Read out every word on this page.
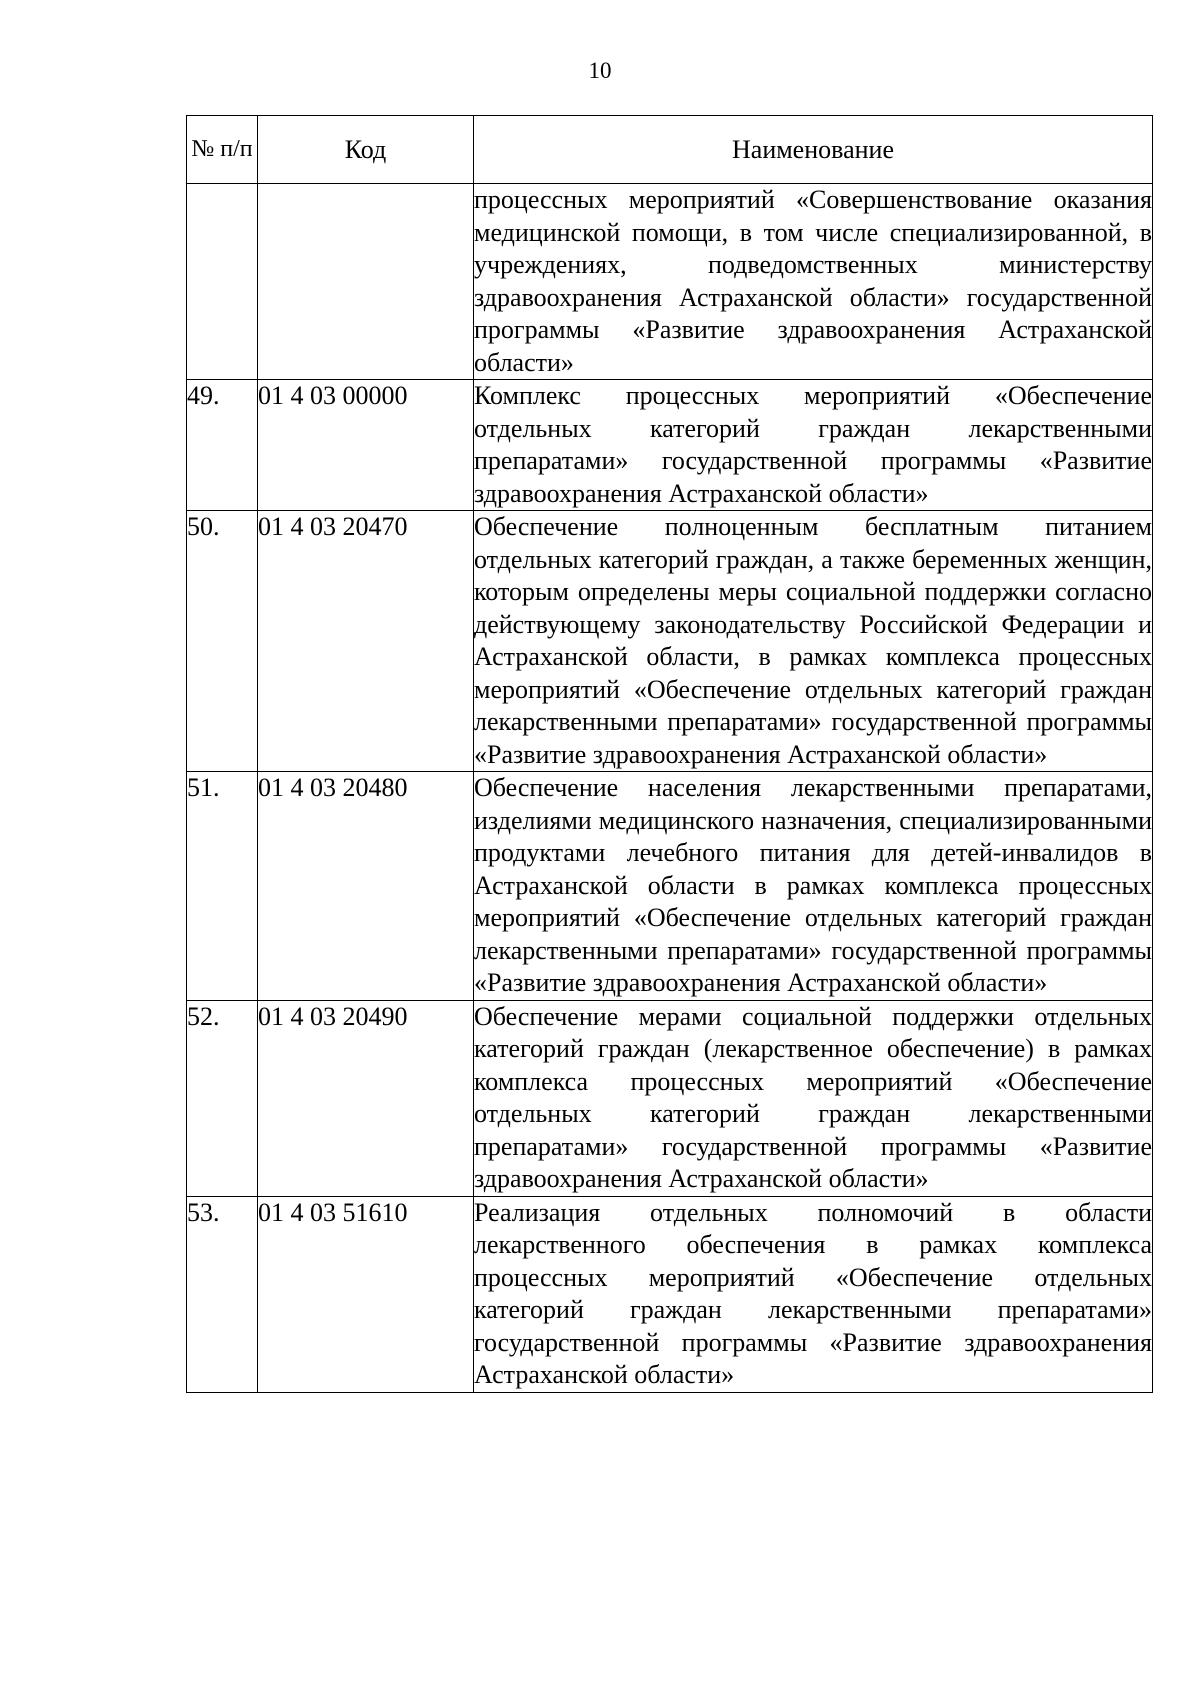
10
№ п/п	Код	Наименование
		процессных мероприятий «Совершенствование оказания медицинской помощи, в том числе специализированной, в учреждениях, подведомственных министерству здравоохранения Астраханской области» государственной программы «Развитие здравоохранения Астраханской области»
49.	01 4 03 00000	Комплекс процессных мероприятий «Обеспечение отдельных категорий граждан лекарственными препаратами» государственной программы «Развитие здравоохранения Астраханской области»
50.	01 4 03 20470	Обеспечение полноценным бесплатным питанием отдельных категорий граждан, а также беременных женщин, которым определены меры социальной поддержки согласно действующему законодательству Российской Федерации и Астраханской области, в рамках комплекса процессных мероприятий «Обеспечение отдельных категорий граждан лекарственными препаратами» государственной программы «Развитие здравоохранения Астраханской области»
51.	01 4 03 20480	Обеспечение населения лекарственными препаратами, изделиями медицинского назначения, специализированными продуктами лечебного питания для детей-инвалидов в Астраханской области в рамках комплекса процессных мероприятий «Обеспечение отдельных категорий граждан лекарственными препаратами» государственной программы «Развитие здравоохранения Астраханской области»
52.	01 4 03 20490	Обеспечение мерами социальной поддержки отдельных категорий граждан (лекарственное обеспечение) в рамках комплекса процессных мероприятий «Обеспечение отдельных категорий граждан лекарственными препаратами» государственной программы «Развитие здравоохранения Астраханской области»
53.	01 4 03 51610	Реализация отдельных полномочий в области лекарственного обеспечения в рамках комплекса процессных мероприятий «Обеспечение отдельных категорий граждан лекарственными препаратами» государственной программы «Развитие здравоохранения Астраханской области»
